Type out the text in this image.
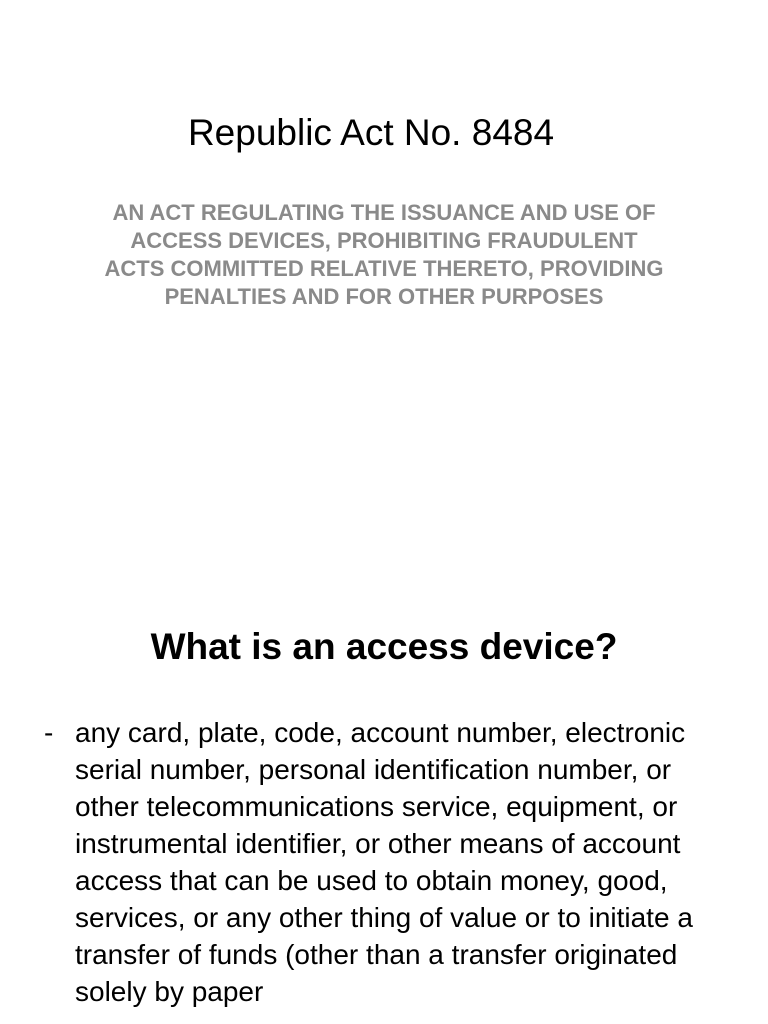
Republic Act No. 8484

AN ACT REGULATING THE ISSUANCE AND USE OF ACCESS DEVICES, PROHIBITING FRAUDULENT ACTS COMMITTED RELATIVE THERETO, PROVIDING PENALTIES AND FOR OTHER PURPOSES

What is an access device?

- any card, plate, code, account number, electronic serial number, personal identification number, or other telecommunications service, equipment, or instrumental identifier, or other means of account access that can be used to obtain money, good, services, or any other thing of value or to initiate a transfer of funds (other than a transfer originated solely by paper
